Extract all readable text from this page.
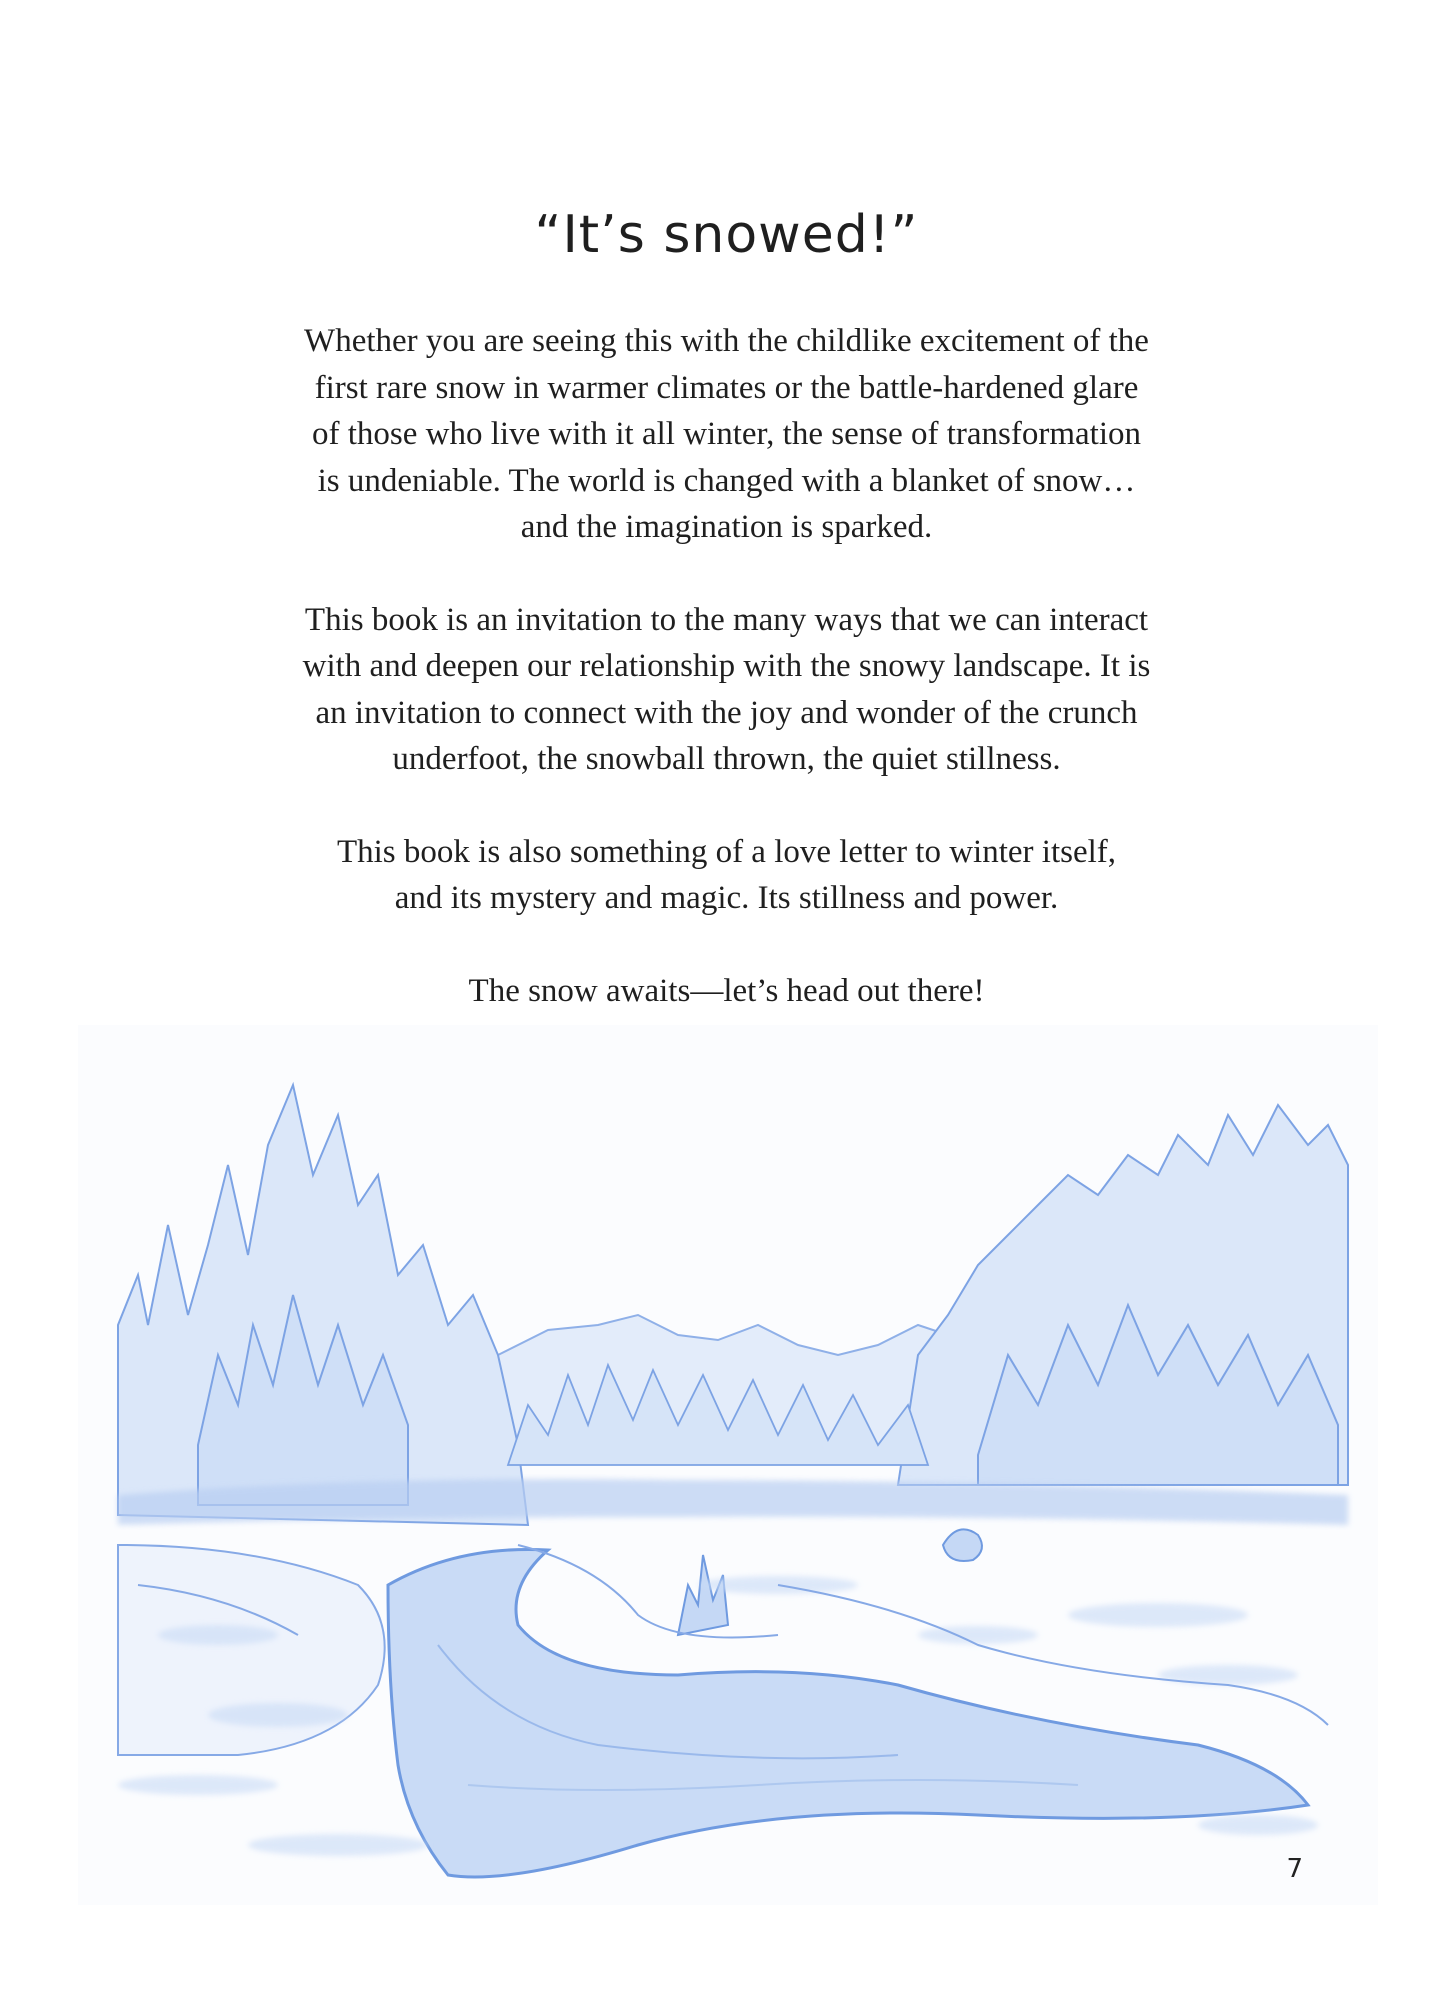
“It’s snowed!”

Whether you are seeing this with the childlike excitement of the
first rare snow in warmer climates or the battle-hardened glare
of those who live with it all winter, the sense of transformation
is undeniable. The world is changed with a blanket of snow…
and the imagination is sparked.

This book is an invitation to the many ways that we can interact
with and deepen our relationship with the snowy landscape. It is
an invitation to connect with the joy and wonder of the crunch
underfoot, the snowball thrown, the quiet stillness.

This book is also something of a love letter to winter itself,
and its mystery and magic. Its stillness and power.

The snow awaits—let’s head out there!

7
